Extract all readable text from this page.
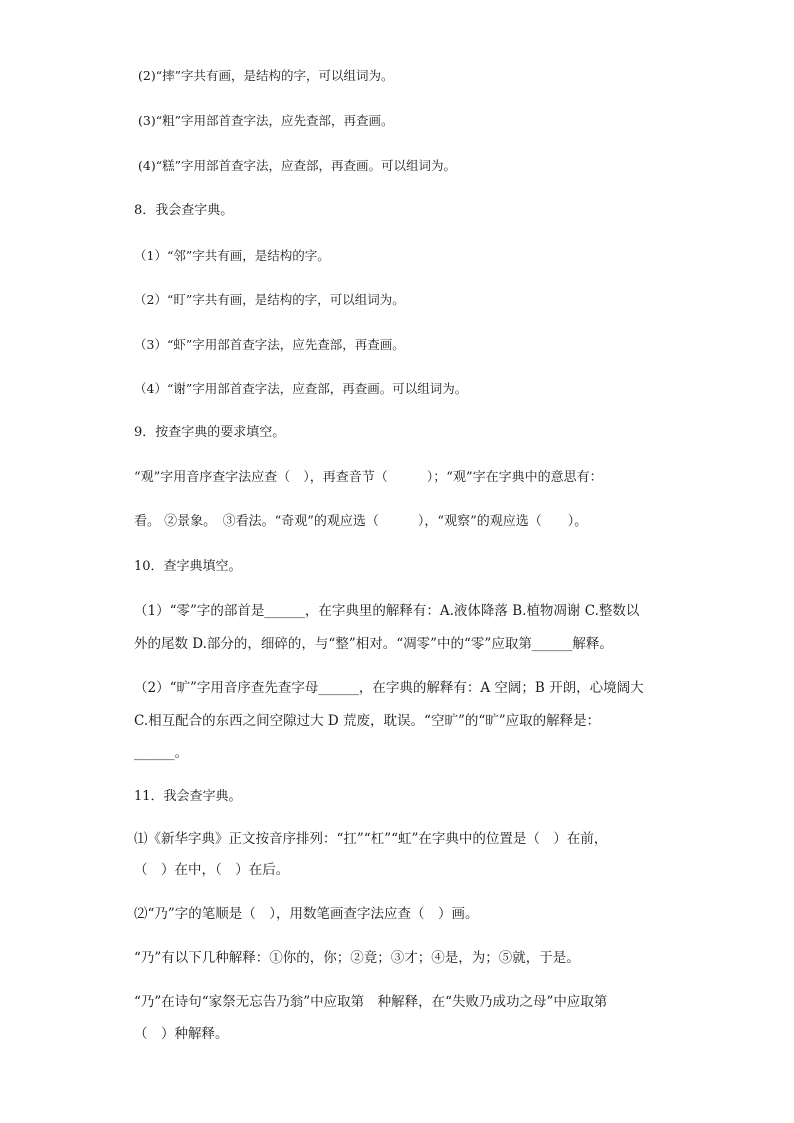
(2)“摔”字共有画，是结构的字，可以组词为。
(3)“粗”字用部首查字法，应先查部，再查画。
(4)“糕”字用部首查字法，应查部，再查画。可以组词为。
8．我会查字典。
（1）“邻”字共有画，是结构的字。
（2）“盯”字共有画，是结构的字，可以组词为。
（3）“虾”字用部首查字法，应先查部，再查画。
（4）“谢”字用部首查字法，应查部，再查画。可以组词为。
9．按查字典的要求填空。
“观”字用音序查字法应查（　），再查音节（　　　）；“观”字在字典中的意思有：
看。 ②景象。　③看法。“奇观”的观应选（　　　），“观察”的观应选（　　）。
10．查字典填空。
（1）“零”字的部首是______，在字典里的解释有：A.液体降落 B.植物凋谢 C.整数以
外的尾数 D.部分的，细碎的，与“整”相对。“凋零”中的“零”应取第______解释。
（2）“旷”字用音序查先查字母______，在字典的解释有：A 空阔；B 开朗，心境阔大
C.相互配合的东西之间空隙过大 D 荒废，耽误。“空旷”的“旷”应取的解释是：
______。
11．我会查字典。
⑴《新华字典》正文按音序排列：“扛”“杠”“虹”在字典中的位置是（　）在前，
（　）在中，（　）在后。
⑵“乃”字的笔顺是（　），用数笔画查字法应查（　）画。
“乃”有以下几种解释：①你的，你；②竟；③才；④是，为；⑤就，于是。
“乃”在诗句“家祭无忘告乃翁”中应取第　种解释，在“失败乃成功之母”中应取第
（　）种解释。
